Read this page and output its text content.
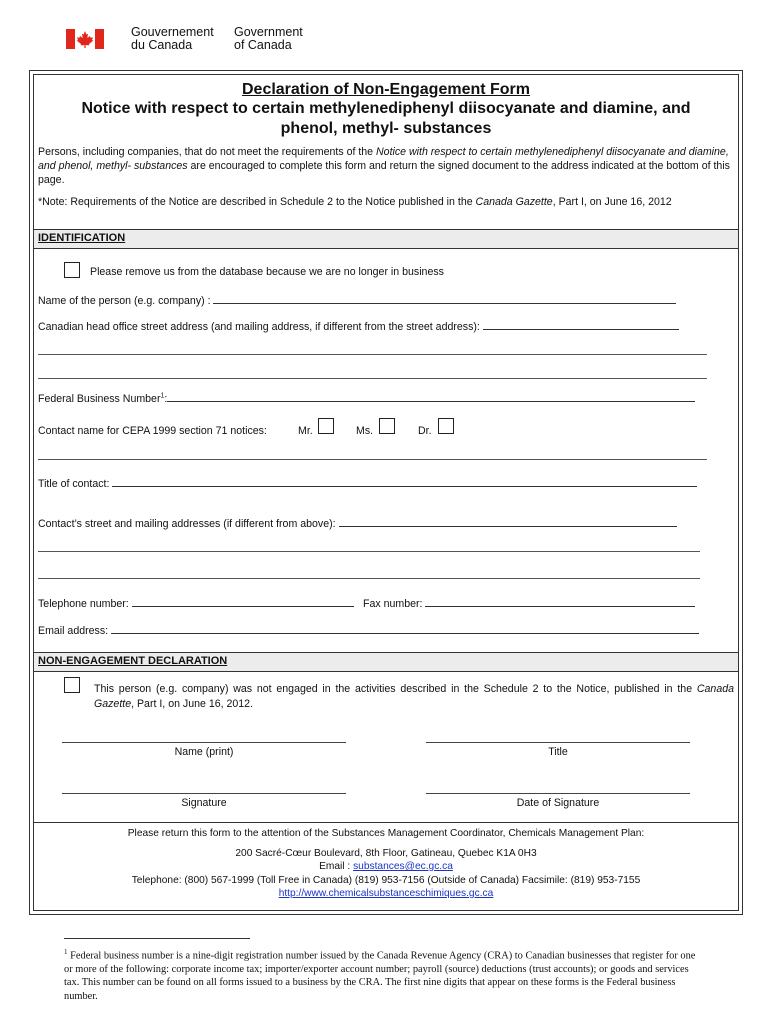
Gouvernement
du Canada
Government
of Canada
Declaration of Non-Engagement Form
Notice with respect to certain methylenediphenyl diisocyanate and diamine, and phenol, methyl- substances
Persons, including companies, that do not meet the requirements of the Notice with respect to certain methylenediphenyl diisocyanate and diamine, and phenol, methyl- substances are encouraged to complete this form and return the signed document to the address indicated at the bottom of this page.
*Note: Requirements of the Notice are described in Schedule 2 to the Notice published in the Canada Gazette, Part I, on June 16, 2012
IDENTIFICATION
Please remove us from the database because we are no longer in business
Name of the person (e.g. company) :
Canadian head office street address (and mailing address, if different from the street address):
Federal Business Number$^1$:
Contact name for CEPA 1999 section 71 notices:	Mr.	Ms.	Dr.
Title of contact:
Contact’s street and mailing addresses (if different from above):
Telephone number:	Fax number:
Email address:
NON-ENGAGEMENT DECLARATION
This person (e.g. company) was not engaged in the activities described in the Schedule 2 to the Notice, published in the Canada Gazette, Part I, on June 16, 2012.
Name (print)	Title
Signature	Date of Signature
Please return this form to the attention of the Substances Management Coordinator, Chemicals Management Plan:
200 Sacré-Cœur Boulevard, 8th Floor, Gatineau, Quebec K1A 0H3
Email : substances@ec.gc.ca
Telephone: (800) 567-1999 (Toll Free in Canada) (819) 953-7156 (Outside of Canada) Facsimile: (819) 953-7155
http://www.chemicalsubstanceschimiques.gc.ca
$^1$ Federal business number is a nine-digit registration number issued by the Canada Revenue Agency (CRA) to Canadian businesses that register for one or more of the following: corporate income tax; importer/exporter account number; payroll (source) deductions (trust accounts); or goods and services tax. This number can be found on all forms issued to a business by the CRA. The first nine digits that appear on these forms is the Federal business number.
